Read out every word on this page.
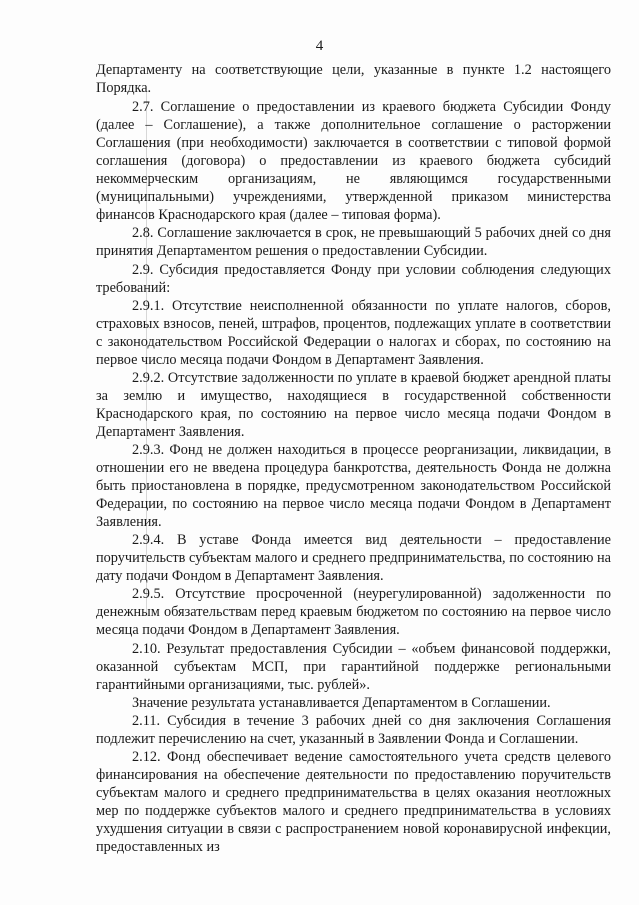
4

Департаменту на соответствующие цели, указанные в пункте 1.2 настоящего Порядка.

2.7. Соглашение о предоставлении из краевого бюджета Субсидии Фонду (далее – Соглашение), а также дополнительное соглашение о расторжении Соглашения (при необходимости) заключается в соответствии с типовой формой соглашения (договора) о предоставлении из краевого бюджета субсидий некоммерческим организациям, не являющимся государственными (муниципальными) учреждениями, утвержденной приказом министерства финансов Краснодарского края (далее – типовая форма).

2.8. Соглашение заключается в срок, не превышающий 5 рабочих дней со дня принятия Департаментом решения о предоставлении Субсидии.

2.9. Субсидия предоставляется Фонду при условии соблюдения следующих требований:

2.9.1. Отсутствие неисполненной обязанности по уплате налогов, сборов, страховых взносов, пеней, штрафов, процентов, подлежащих уплате в соответствии с законодательством Российской Федерации о налогах и сборах, по состоянию на первое число месяца подачи Фондом в Департамент Заявления.

2.9.2. Отсутствие задолженности по уплате в краевой бюджет арендной платы за землю и имущество, находящиеся в государственной собственности Краснодарского края, по состоянию на первое число месяца подачи Фондом в Департамент Заявления.

2.9.3. Фонд не должен находиться в процессе реорганизации, ликвидации, в отношении его не введена процедура банкротства, деятельность Фонда не должна быть приостановлена в порядке, предусмотренном законодательством Российской Федерации, по состоянию на первое число месяца подачи Фондом в Департамент Заявления.

2.9.4. В уставе Фонда имеется вид деятельности – предоставление поручительств субъектам малого и среднего предпринимательства, по состоянию на дату подачи Фондом в Департамент Заявления.

2.9.5. Отсутствие просроченной (неурегулированной) задолженности по денежным обязательствам перед краевым бюджетом по состоянию на первое число месяца подачи Фондом в Департамент Заявления.

2.10. Результат предоставления Субсидии – «объем финансовой поддержки, оказанной субъектам МСП, при гарантийной поддержке региональными гарантийными организациями, тыс. рублей».

Значение результата устанавливается Департаментом в Соглашении.

2.11. Субсидия в течение 3 рабочих дней со дня заключения Соглашения подлежит перечислению на счет, указанный в Заявлении Фонда и Соглашении.

2.12. Фонд обеспечивает ведение самостоятельного учета средств целевого финансирования на обеспечение деятельности по предоставлению поручительств субъектам малого и среднего предпринимательства в целях оказания неотложных мер по поддержке субъектов малого и среднего предпринимательства в условиях ухудшения ситуации в связи с распространением новой коронавирусной инфекции, предоставленных из
